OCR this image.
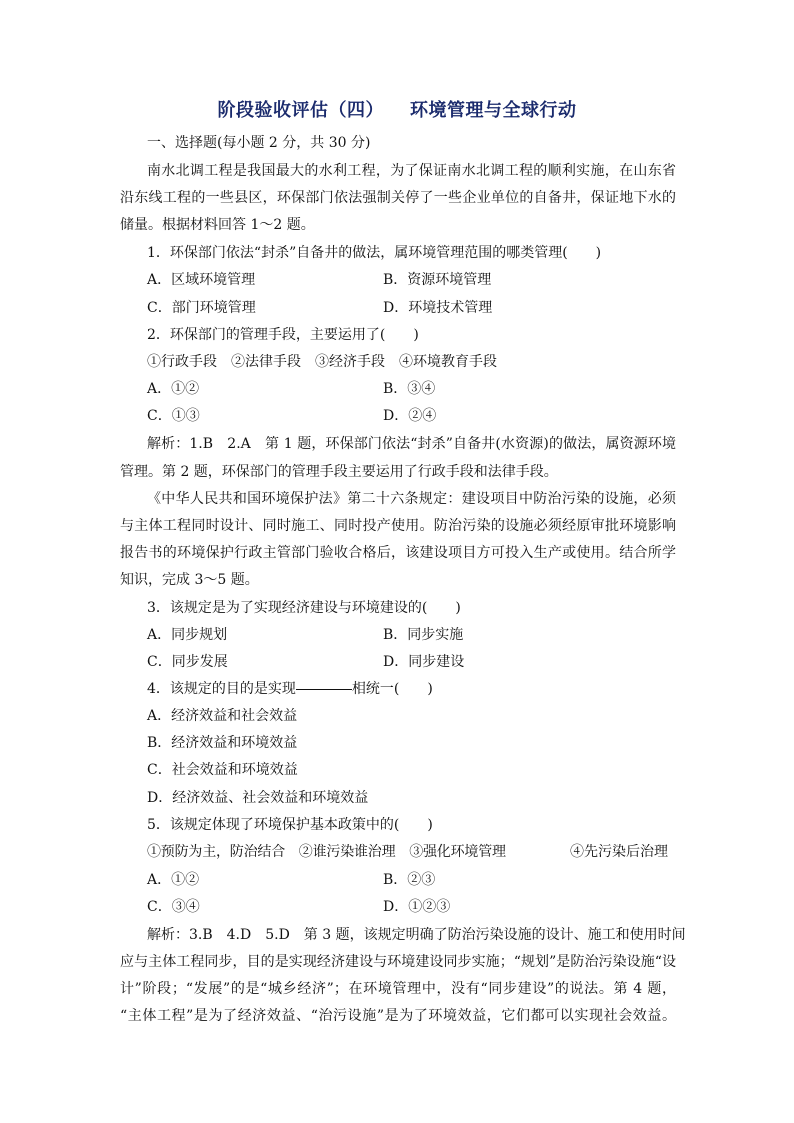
阶段验收评估（四） 环境管理与全球行动
一、选择题(每小题 2 分，共 30 分)
南水北调工程是我国最大的水利工程，为了保证南水北调工程的顺利实施，在山东省
沿东线工程的一些县区，环保部门依法强制关停了一些企业单位的自备井，保证地下水的
储量。根据材料回答 1～2 题。
1．环保部门依法“封杀”自备井的做法，属环境管理范围的哪类管理(　　)
A．区域环境管理	B．资源环境管理
C．部门环境管理	D．环境技术管理
2．环保部门的管理手段，主要运用了(　　)
①行政手段　②法律手段　③经济手段　④环境教育手段
A．①②	B．③④
C．①③	D．②④
解析：1.B　2.A　第 1 题，环保部门依法“封杀”自备井(水资源)的做法，属资源环境
管理。第 2 题，环保部门的管理手段主要运用了行政手段和法律手段。
《中华人民共和国环境保护法》第二十六条规定：建设项目中防治污染的设施，必须
与主体工程同时设计、同时施工、同时投产使用。防治污染的设施必须经原审批环境影响
报告书的环境保护行政主管部门验收合格后，该建设项目方可投入生产或使用。结合所学
知识，完成 3～5 题。
3．该规定是为了实现经济建设与环境建设的(　　)
A．同步规划	B．同步实施
C．同步发展	D．同步建设
4．该规定的目的是实现	相统一(　　)
A．经济效益和社会效益
B．经济效益和环境效益
C．社会效益和环境效益
D．经济效益、社会效益和环境效益
5．该规定体现了环境保护基本政策中的(　　)
①预防为主，防治结合　②谁污染谁治理　③强化环境管理	④先污染后治理
A．①②	B．②③
C．③④	D．①②③
解析：3.B　4.D　5.D　第 3 题，该规定明确了防治污染设施的设计、施工和使用时间
应与主体工程同步，目的是实现经济建设与环境建设同步实施；“规划”是防治污染设施“设
计”阶段；“发展”的是“城乡经济”；在环境管理中，没有“同步建设”的说法。第 4 题，
“主体工程”是为了经济效益、“治污设施”是为了环境效益，它们都可以实现社会效益。
